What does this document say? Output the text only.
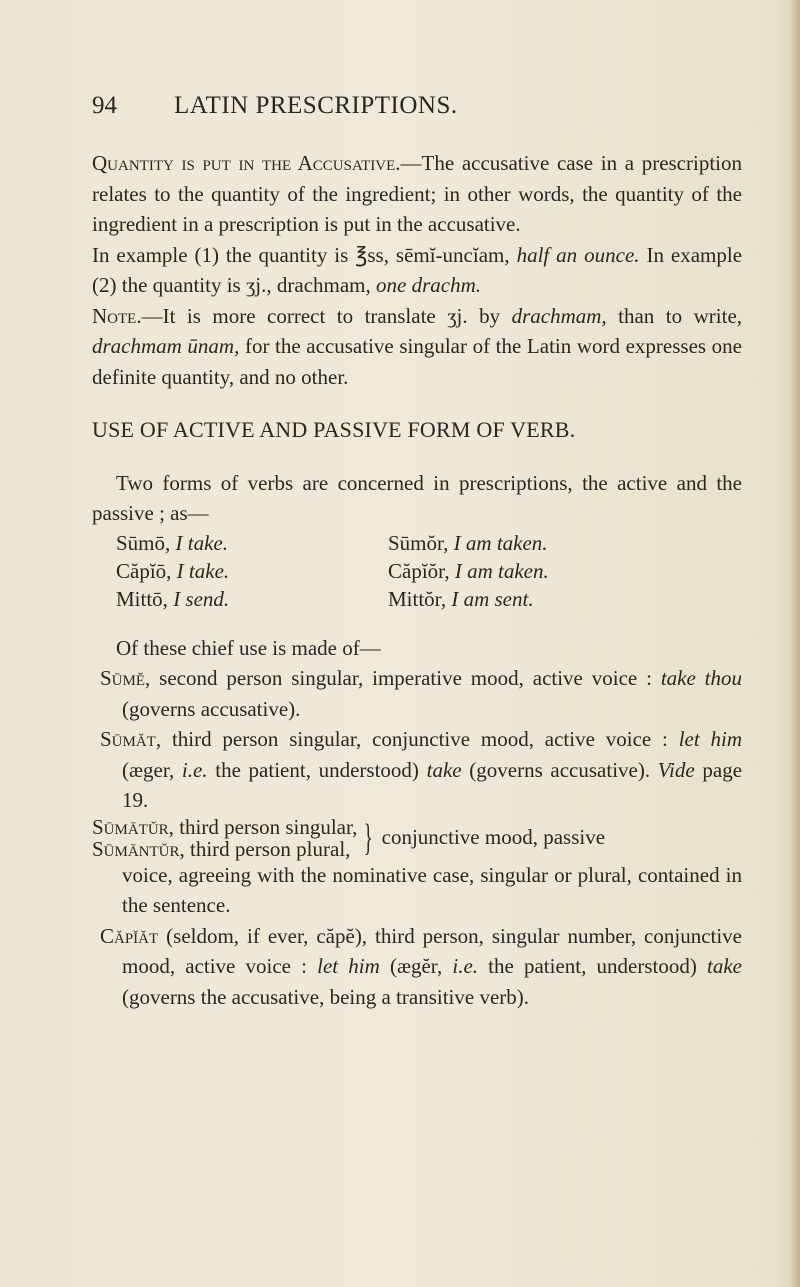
94 LATIN PRESCRIPTIONS.

Quantity is put in the Accusative.—The accusative case in a prescription relates to the quantity of the ingredient; in other words, the quantity of the ingredient in a prescription is put in the accusative.

In example (1) the quantity is ℥ss, sēmĭ-uncĭam, half an ounce. In example (2) the quantity is ʒj., drachmam, one drachm.

Note.—It is more correct to translate ʒj. by drachmam, than to write, drachmam ūnam, for the accusative singular of the Latin word expresses one definite quantity, and no other.

USE OF ACTIVE AND PASSIVE FORM OF VERB.

Two forms of verbs are concerned in prescriptions, the active and the passive ; as—

Sūmō, I take.
Căpĭō, I take.
Mittō, I send.
Sūmŏr, I am taken.
Căpĭŏr, I am taken.
Mittŏr, I am sent.

Of these chief use is made of—

Sūmĕ, second person singular, imperative mood, active voice : take thou (governs accusative).

Sūmăt, third person singular, conjunctive mood, active voice : let him (æger, i.e. the patient, understood) take (governs accusative). Vide page 19.

Sūmātŭr, third person singular,
Sūmāntŭr, third person plural, } conjunctive mood, passive

voice, agreeing with the nominative case, singular or plural, contained in the sentence.

Căpĭăt (seldom, if ever, căpĕ), third person, singular number, conjunctive mood, active voice : let him (ægĕr, i.e. the patient, understood) take (governs the accusative, being a transitive verb).
